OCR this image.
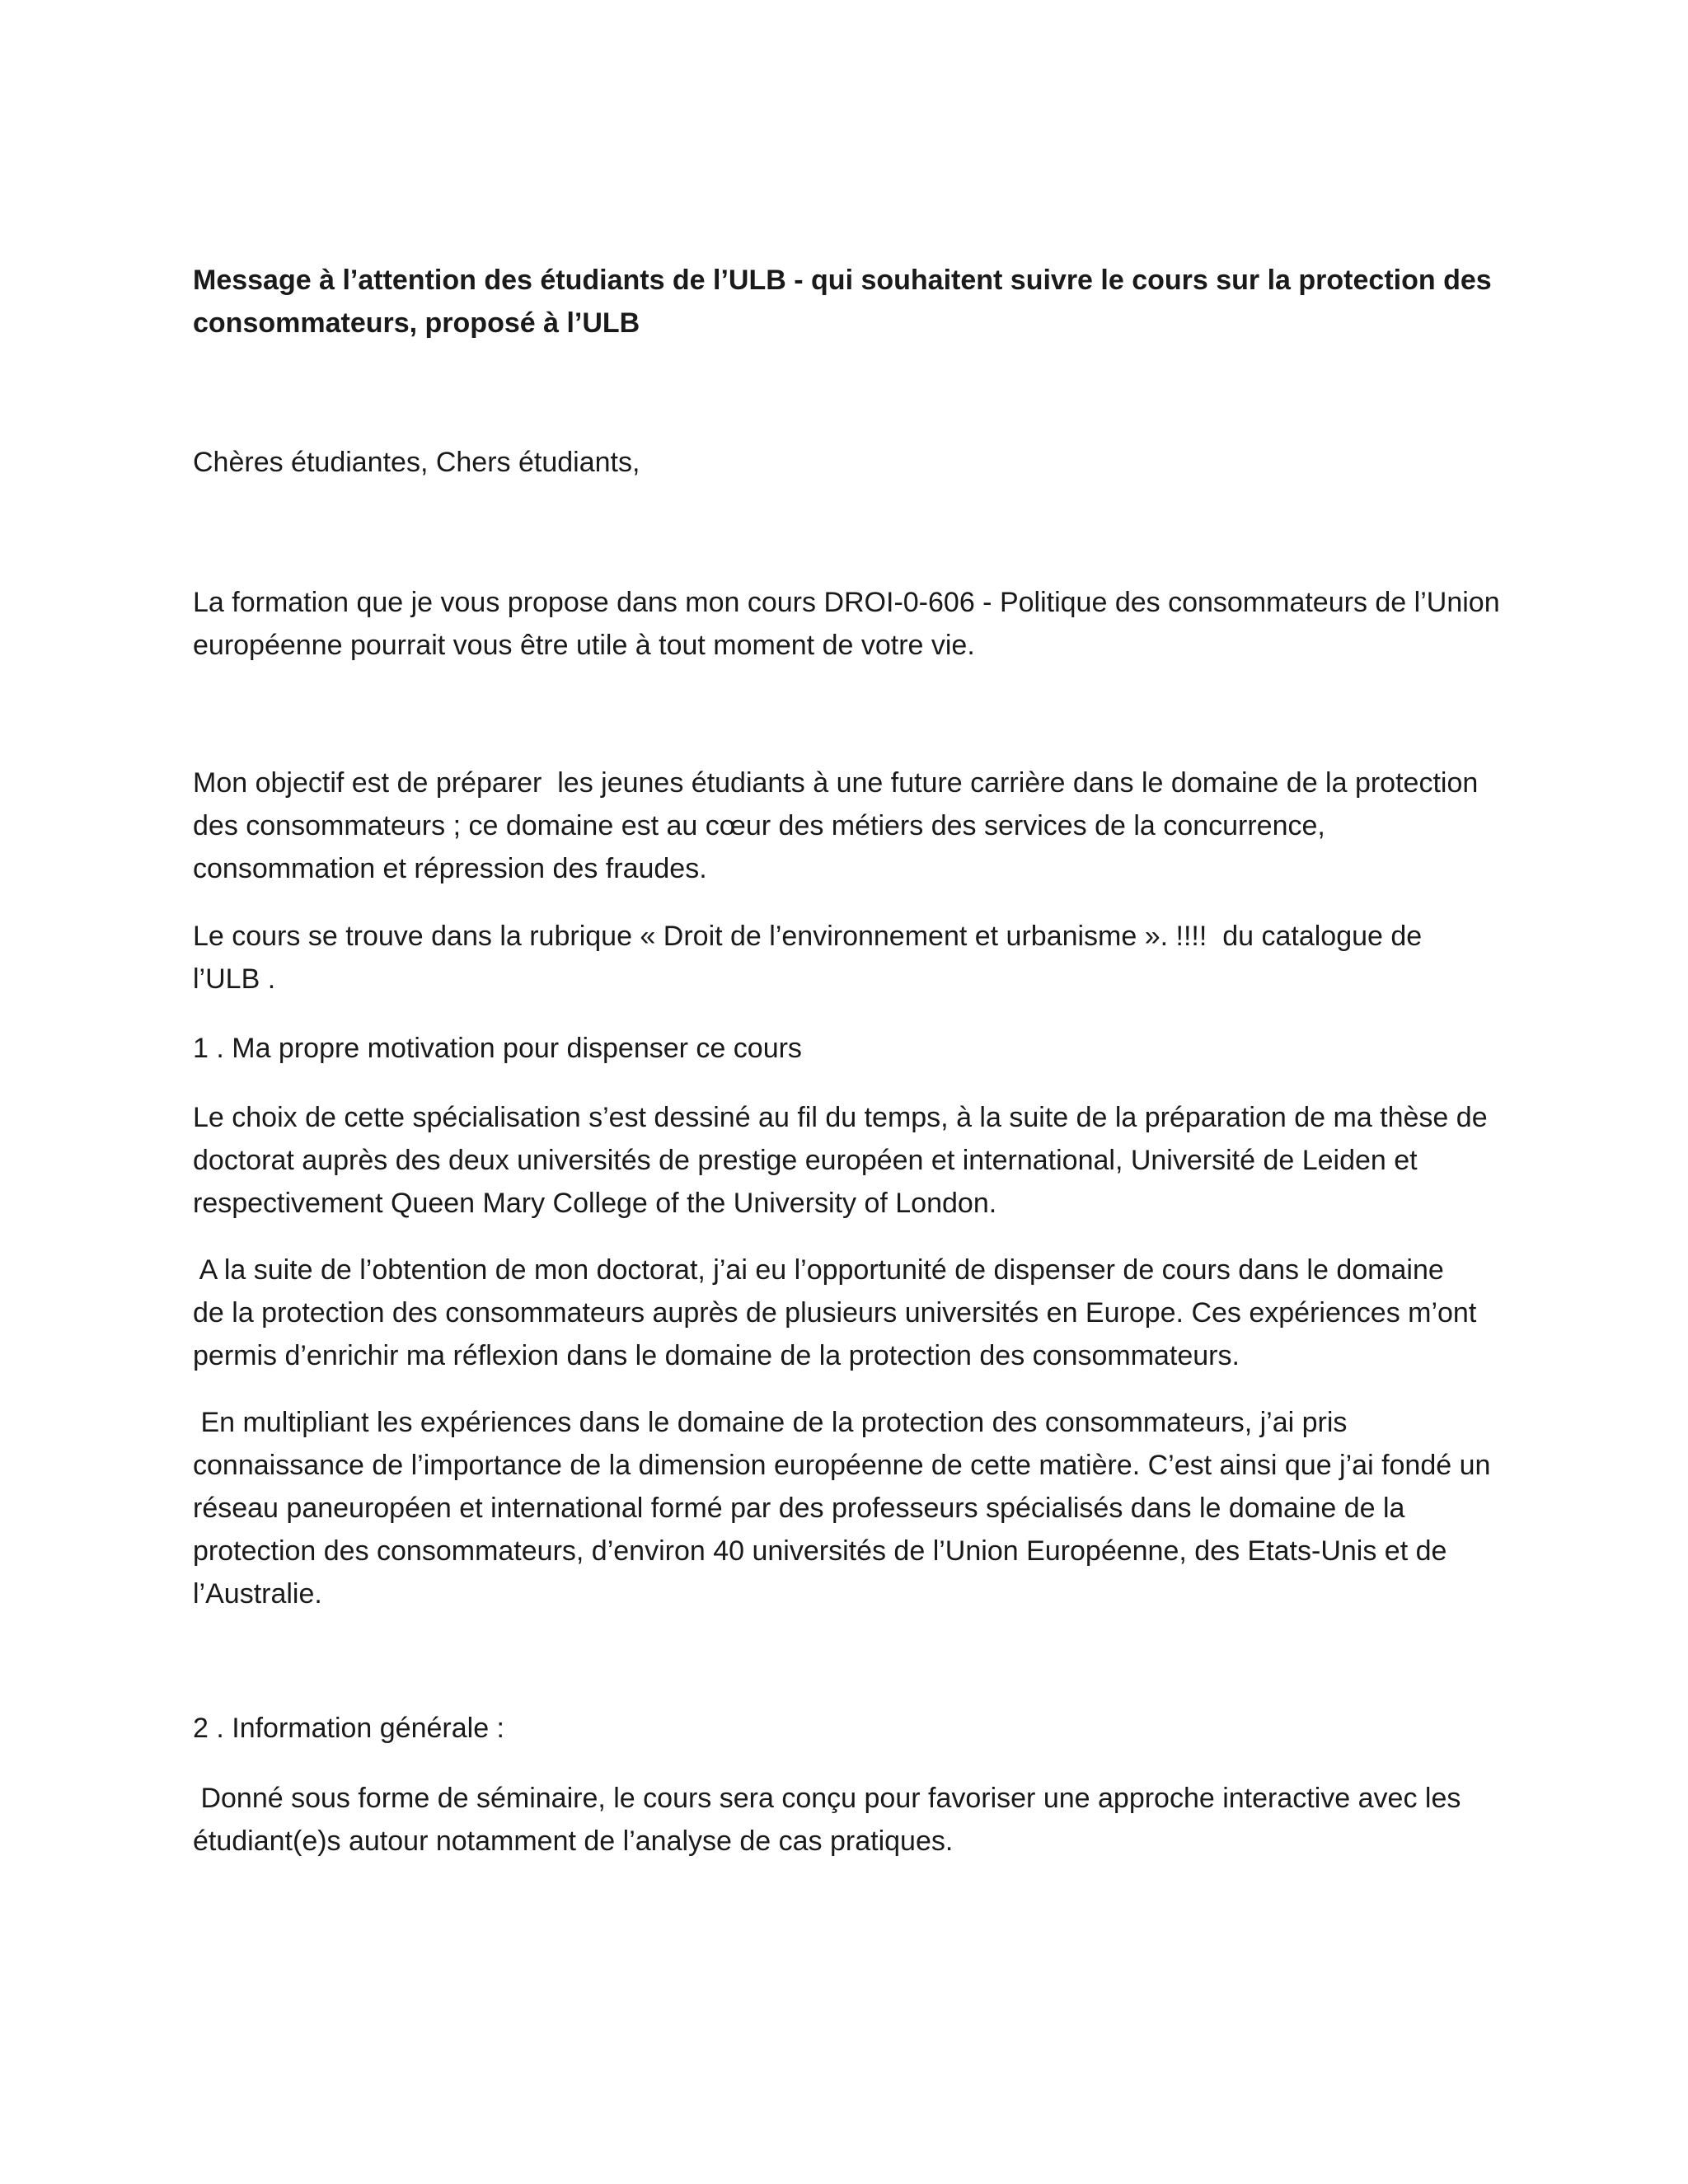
Message à l’attention des étudiants de l’ULB - qui souhaitent suivre le cours sur la protection des
consommateurs, proposé à l’ULB

Chères étudiantes, Chers étudiants,

La formation que je vous propose dans mon cours DROI-0-606 - Politique des consommateurs de l’Union
européenne pourrait vous être utile à tout moment de votre vie.

Mon objectif est de préparer  les jeunes étudiants à une future carrière dans le domaine de la protection
des consommateurs ; ce domaine est au cœur des métiers des services de la concurrence,
consommation et répression des fraudes.

Le cours se trouve dans la rubrique « Droit de l’environnement et urbanisme ». !!!!  du catalogue de
l’ULB .

1 . Ma propre motivation pour dispenser ce cours

Le choix de cette spécialisation s’est dessiné au fil du temps, à la suite de la préparation de ma thèse de
doctorat auprès des deux universités de prestige européen et international, Université de Leiden et
respectivement Queen Mary College of the University of London.

A la suite de l’obtention de mon doctorat, j’ai eu l’opportunité de dispenser de cours dans le domaine
de la protection des consommateurs auprès de plusieurs universités en Europe. Ces expériences m’ont
permis d’enrichir ma réflexion dans le domaine de la protection des consommateurs.

En multipliant les expériences dans le domaine de la protection des consommateurs, j’ai pris
connaissance de l’importance de la dimension européenne de cette matière. C’est ainsi que j’ai fondé un
réseau paneuropéen et international formé par des professeurs spécialisés dans le domaine de la
protection des consommateurs, d’environ 40 universités de l’Union Européenne, des Etats-Unis et de
l’Australie.

2 . Information générale :

Donné sous forme de séminaire, le cours sera conçu pour favoriser une approche interactive avec les
étudiant(e)s autour notamment de l’analyse de cas pratiques.
